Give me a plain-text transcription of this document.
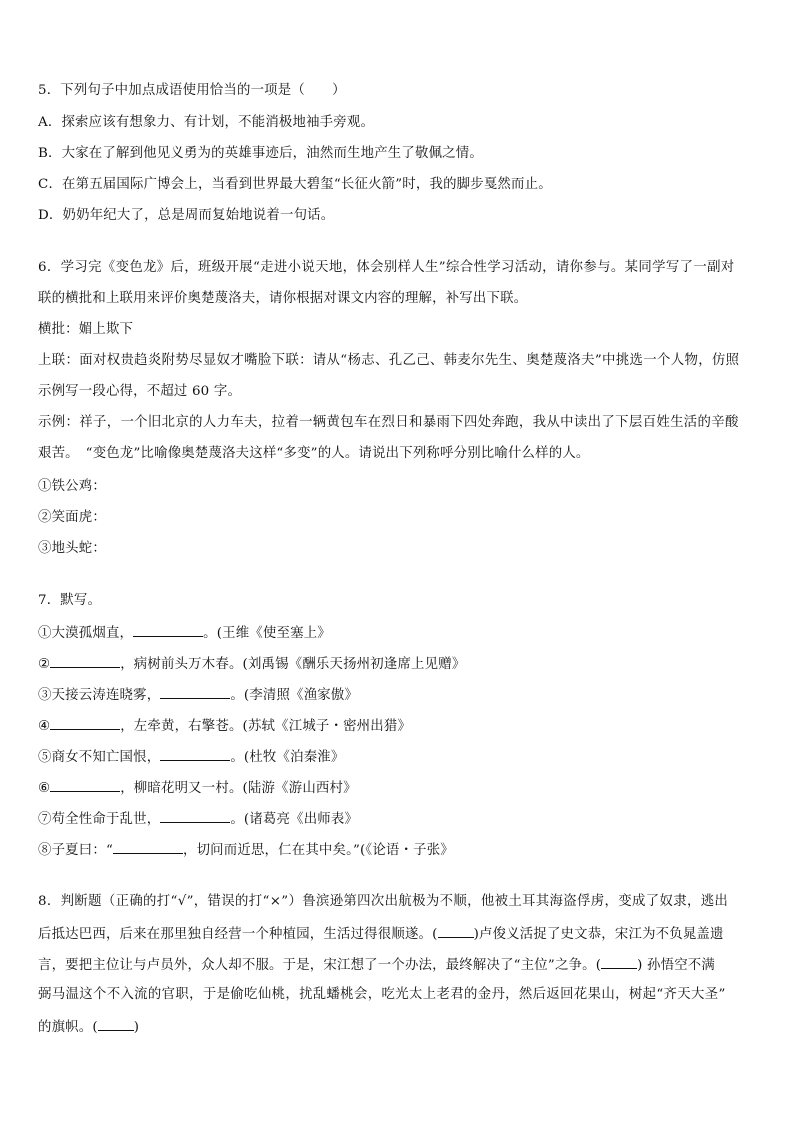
5．下列句子中加点成语使用恰当的一项是（　　）
A．探索应该有想象力、有计划，不能消极地袖手旁观。
B．大家在了解到他见义勇为的英雄事迹后，油然而生地产生了敬佩之情。
C．在第五届国际广博会上，当看到世界最大碧玺“长征火箭”时，我的脚步戛然而止。
D．奶奶年纪大了，总是周而复始地说着一句话。
6．学习完《变色龙》后，班级开展“走进小说天地，体会别样人生”综合性学习活动，请你参与。某同学写了一副对
联的横批和上联用来评价奥楚蔑洛夫，请你根据对课文内容的理解，补写出下联。
横批：媚上欺下
上联：面对权贵趋炎附势尽显奴才嘴脸下联：请从“杨志、孔乙己、韩麦尔先生、奥楚蔑洛夫”中挑选一个人物，仿照
示例写一段心得，不超过 60 字。
示例：祥子，一个旧北京的人力车夫，拉着一辆黄包车在烈日和暴雨下四处奔跑，我从中读出了下层百姓生活的辛酸
艰苦。　“变色龙”比喻像奥楚蔑洛夫这样“多变”的人。请说出下列称呼分别比喻什么样的人。
①铁公鸡：
②笑面虎：
③地头蛇：
7．默写。
①大漠孤烟直，	。(王维《使至塞上》
②	，病树前头万木春。(刘禹锡《酬乐天扬州初逢席上见赠》
③天接云涛连晓雾，	。(李清照《渔家傲》
④	，左牵黄，右擎苍。(苏轼《江城子・密州出猎》
⑤商女不知亡国恨，	。(杜牧《泊秦淮》
⑥	，柳暗花明又一村。(陆游《游山西村》
⑦苟全性命于乱世，	。(诸葛亮《出师表》
⑧子夏曰：“	，切问而近思，仁在其中矣。”(《论语・子张》
8．判断题（正确的打“√”，错误的打“×”）鲁滨逊第四次出航极为不顺，他被土耳其海盗俘虏，变成了奴隶，逃出
后抵达巴西，后来在那里独自经营一个种植园，生活过得很顺遂。(	)卢俊义活捉了史文恭，宋江为不负晁盖遗
言，要把主位让与卢员外，众人却不服。于是，宋江想了一个办法，最终解决了“主位”之争。(	) 孙悟空不满
弼马温这个不入流的官职，于是偷吃仙桃，扰乱蟠桃会，吃光太上老君的金丹，然后返回花果山，树起“齐天大圣”
的旗帜。(	)
